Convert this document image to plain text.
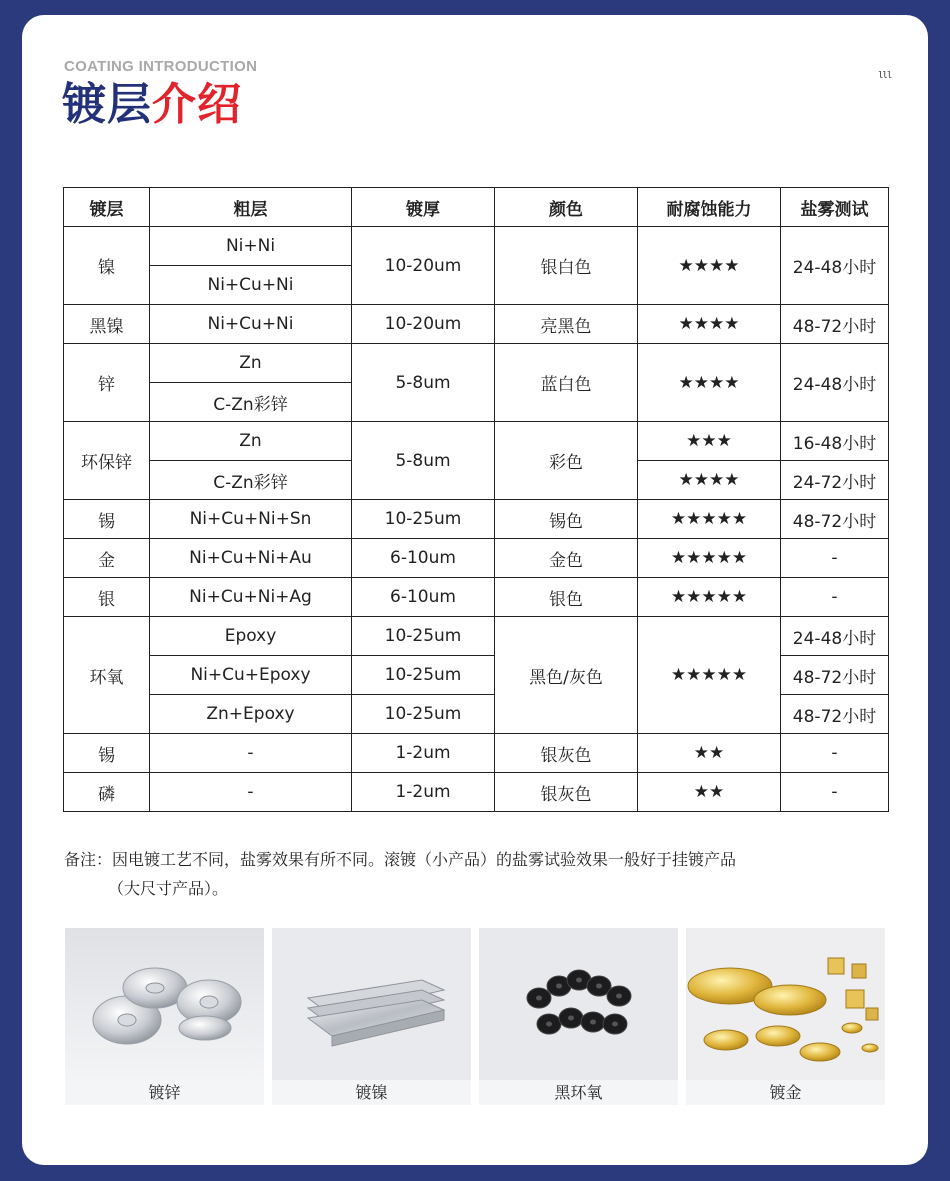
COATING INTRODUCTION
镀层介绍
lll
镀层	粗层	镀厚	颜色	耐腐蚀能力	盐雾测试
镍	Ni+Ni	10-20um	银白色	★★★★	24-48小时
	Ni+Cu+Ni				
黑镍	Ni+Cu+Ni	10-20um	亮黑色	★★★★	48-72小时
锌	Zn	5-8um	蓝白色	★★★★	24-48小时
	C-Zn彩锌				
环保锌	Zn	5-8um	彩色	★★★	16-48小时
	C-Zn彩锌			★★★★	24-72小时
锡	Ni+Cu+Ni+Sn	10-25um	锡色	★★★★★	48-72小时
金	Ni+Cu+Ni+Au	6-10um	金色	★★★★★	-
银	Ni+Cu+Ni+Ag	6-10um	银色	★★★★★	-
环氧	Epoxy	10-25um	黑色/灰色	★★★★★	24-48小时
	Ni+Cu+Epoxy	10-25um			48-72小时
	Zn+Epoxy	10-25um			48-72小时
锡	-	1-2um	银灰色	★★	-
磷	-	1-2um	银灰色	★★	-
备注：因电镀工艺不同，盐雾效果有所不同。滚镀（小产品）的盐雾试验效果一般好于挂镀产品
（大尺寸产品）。
镀锌	镀镍	黑环氧	镀金
